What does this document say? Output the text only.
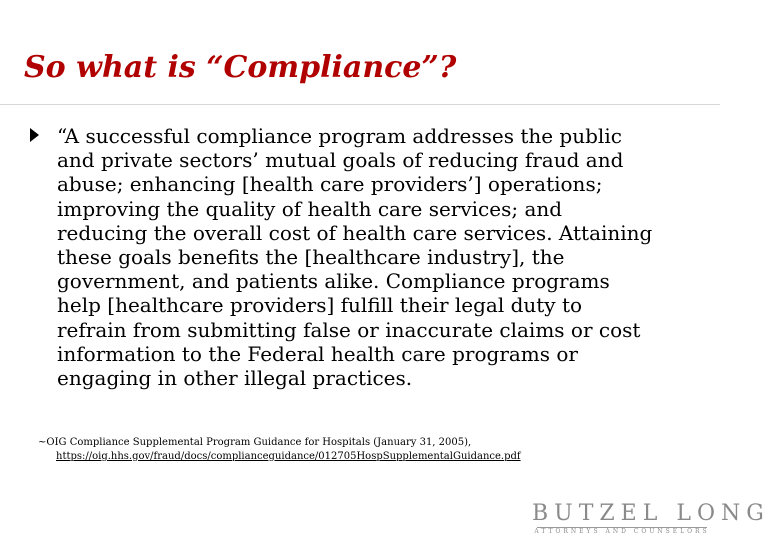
So what is “Compliance”?

“A successful compliance program addresses the public
and private sectors’ mutual goals of reducing fraud and
abuse; enhancing [health care providers’] operations;
improving the quality of health care services; and
reducing the overall cost of health care services. Attaining
these goals benefits the [healthcare industry], the
government, and patients alike. Compliance programs
help [healthcare providers] fulfill their legal duty to
refrain from submitting false or inaccurate claims or cost
information to the Federal health care programs or
engaging in other illegal practices.

~OIG Compliance Supplemental Program Guidance for Hospitals (January 31, 2005),
https://oig.hhs.gov/fraud/docs/complianceguidance/012705HospSupplementalGuidance.pdf
BUTZEL LONG
ATTORNEYS AND COUNSELORS
